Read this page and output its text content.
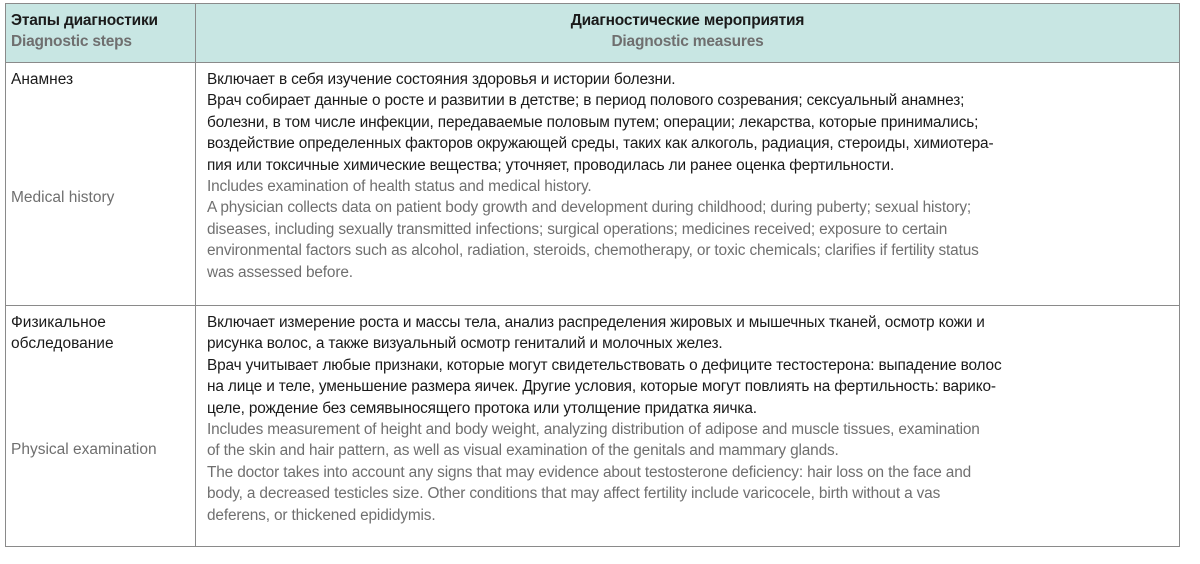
Этапы диагностики
Diagnostic steps
Диагностические мероприятия
Diagnostic measures
Анамнез
Medical history

Включает в себя изучение состояния здоровья и истории болезни.

Врач собирает данные о росте и развитии в детстве; в период полового созревания; сексуальный анамнез;

болезни, в том числе инфекции, передаваемые половым путем; операции; лекарства, которые принимались;

воздействие определенных факторов окружающей среды, таких как алкоголь, радиация, стероиды, химиотера-

пия или токсичные химические вещества; уточняет, проводилась ли ранее оценка фертильности.

Includes examination of health status and medical history.

A physician collects data on patient body growth and development during childhood; during puberty; sexual history;

diseases, including sexually transmitted infections; surgical operations; medicines received; exposure to certain

environmental factors such as alcohol, radiation, steroids, chemotherapy, or toxic chemicals; clarifies if fertility status

was assessed before.

Физикальное
обследование
Physical examination

Включает измерение роста и массы тела, анализ распределения жировых и мышечных тканей, осмотр кожи и

рисунка волос, а также визуальный осмотр гениталий и молочных желез.

Врач учитывает любые признаки, которые могут свидетельствовать о дефиците тестостерона: выпадение волос

на лице и теле, уменьшение размера яичек. Другие условия, которые могут повлиять на фертильность: варико-

целе, рождение без семявыносящего протока или утолщение придатка яичка.

Includes measurement of height and body weight, analyzing distribution of adipose and muscle tissues, examination

of the skin and hair pattern, as well as visual examination of the genitals and mammary glands.

The doctor takes into account any signs that may evidence about testosterone deficiency: hair loss on the face and

body, a decreased testicles size. Other conditions that may affect fertility include varicocele, birth without a vas

deferens, or thickened epididymis.
